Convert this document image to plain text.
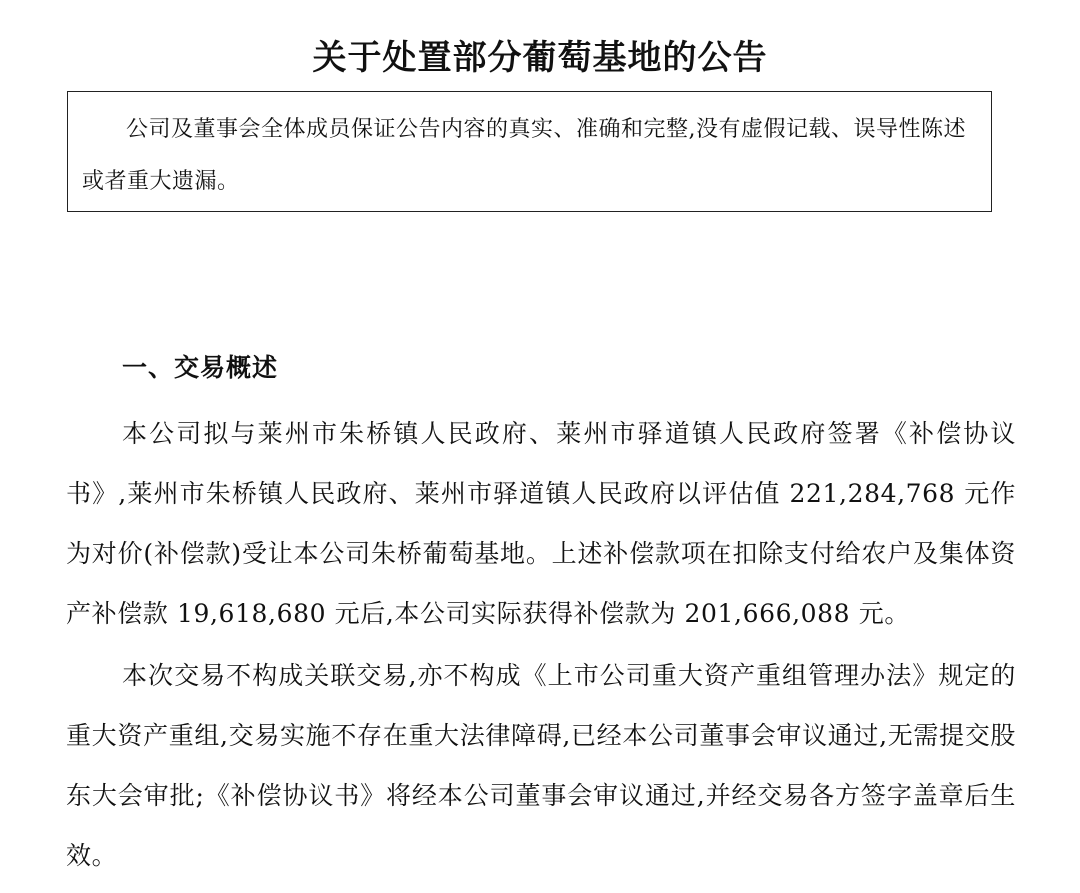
关于处置部分葡萄基地的公告

公司及董事会全体成员保证公告内容的真实、准确和完整,没有虚假记载、误导性陈述或者重大遗漏。

一、交易概述

本公司拟与莱州市朱桥镇人民政府、莱州市驿道镇人民政府签署《补偿协议书》,莱州市朱桥镇人民政府、莱州市驿道镇人民政府以评估值 221,284,768 元作为对价(补偿款)受让本公司朱桥葡萄基地。上述补偿款项在扣除支付给农户及集体资产补偿款 19,618,680 元后,本公司实际获得补偿款为 201,666,088 元。

本次交易不构成关联交易,亦不构成《上市公司重大资产重组管理办法》规定的重大资产重组,交易实施不存在重大法律障碍,已经本公司董事会审议通过,无需提交股东大会审批;《补偿协议书》将经本公司董事会审议通过,并经交易各方签字盖章后生效。
